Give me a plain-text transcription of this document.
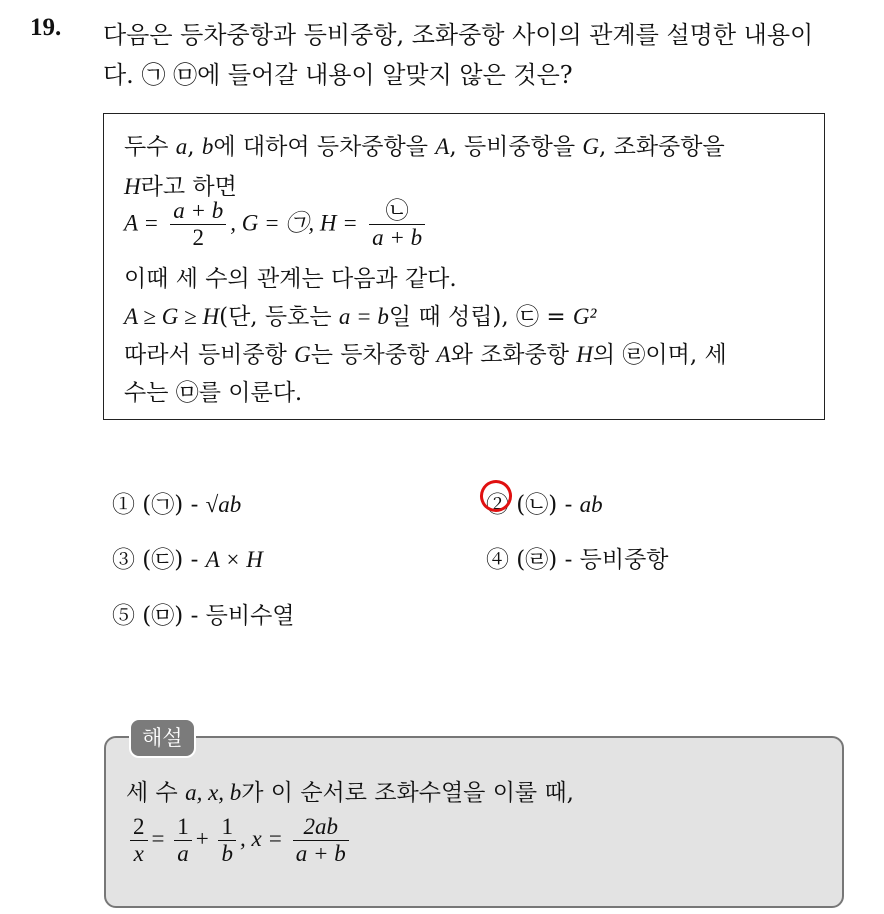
19. 다음은 등차중항과 등비중항, 조화중항 사이의 관계를 설명한 내용이
다. ㉠ ㉤에 들어갈 내용이 알맞지 않은 것은?
두수 a, b에 대하여 등차중항을 A, 등비중항을 G, 조화중항을
H라고 하면
$A = \frac{a + b}{2}$ , G = ㉠, $H = \frac{㉡}{a + b}$
이때 세 수의 관계는 다음과 같다.
A ≥ G ≥ H(단, 등호는 a = b일 때 성립), ㉢ = G²
따라서 등비중항 G는 등차중항 A와 조화중항 H의 ㉣이며, 세
수는 ㉤를 이룬다.
① (㉠) - √ab	② (㉡) - ab
③ (㉢) - A × H	④ (㉣) - 등비중항
⑤ (㉤) - 등비수열
세 수 a, x, b가 이 순서로 조화수열을 이룰 때,
$\frac{2}{x} = \frac{1}{a} + \frac{1}{b}$ , $x = \frac{2ab}{a + b}$
해설
